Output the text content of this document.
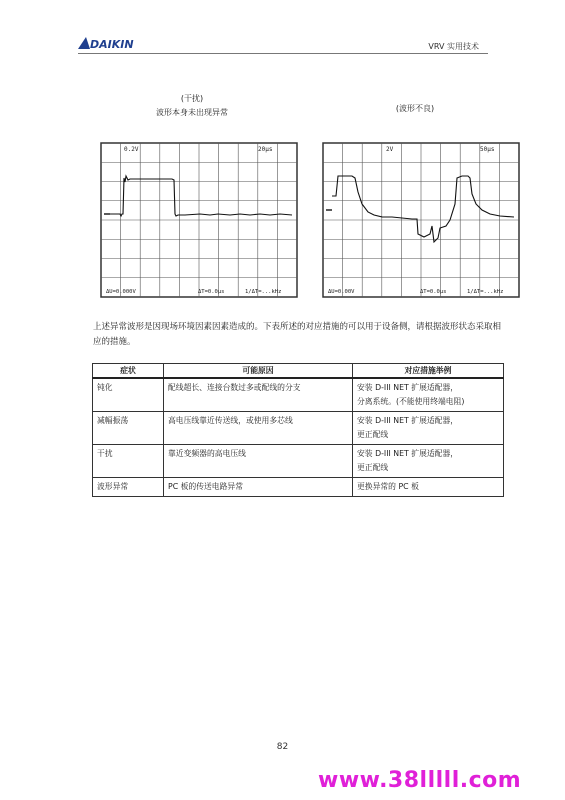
DAIKIN	VRV 实用技术
(干扰)
波形本身未出现异常	(波形不良)
0.2V	20μs
ΔU=0.000V	ΔT=0.0μs	1/ΔT=...kHz
2V	50μs
ΔU=0.00V	ΔT=0.0μs	1/ΔT=...kHz
上述异常波形是因现场环境因素因素造成的。下表所述的对应措施的可以用于设备侧，请根据波形状态采取相应的措施。
症状	可能原因	对应措施举例
钝化	配线超长、连接台数过多或配线的分支	安装 D-III NET 扩展适配器，
分离系统。(不能使用终端电阻)
减幅振荡	高电压线靠近传送线，或使用多芯线	安装 D-III NET 扩展适配器，
更正配线
干扰	靠近变频器的高电压线	安装 D-III NET 扩展适配器，
更正配线
波形异常	PC 板的传送电路异常	更换异常的 PC 板
82
www.38lllll.com
